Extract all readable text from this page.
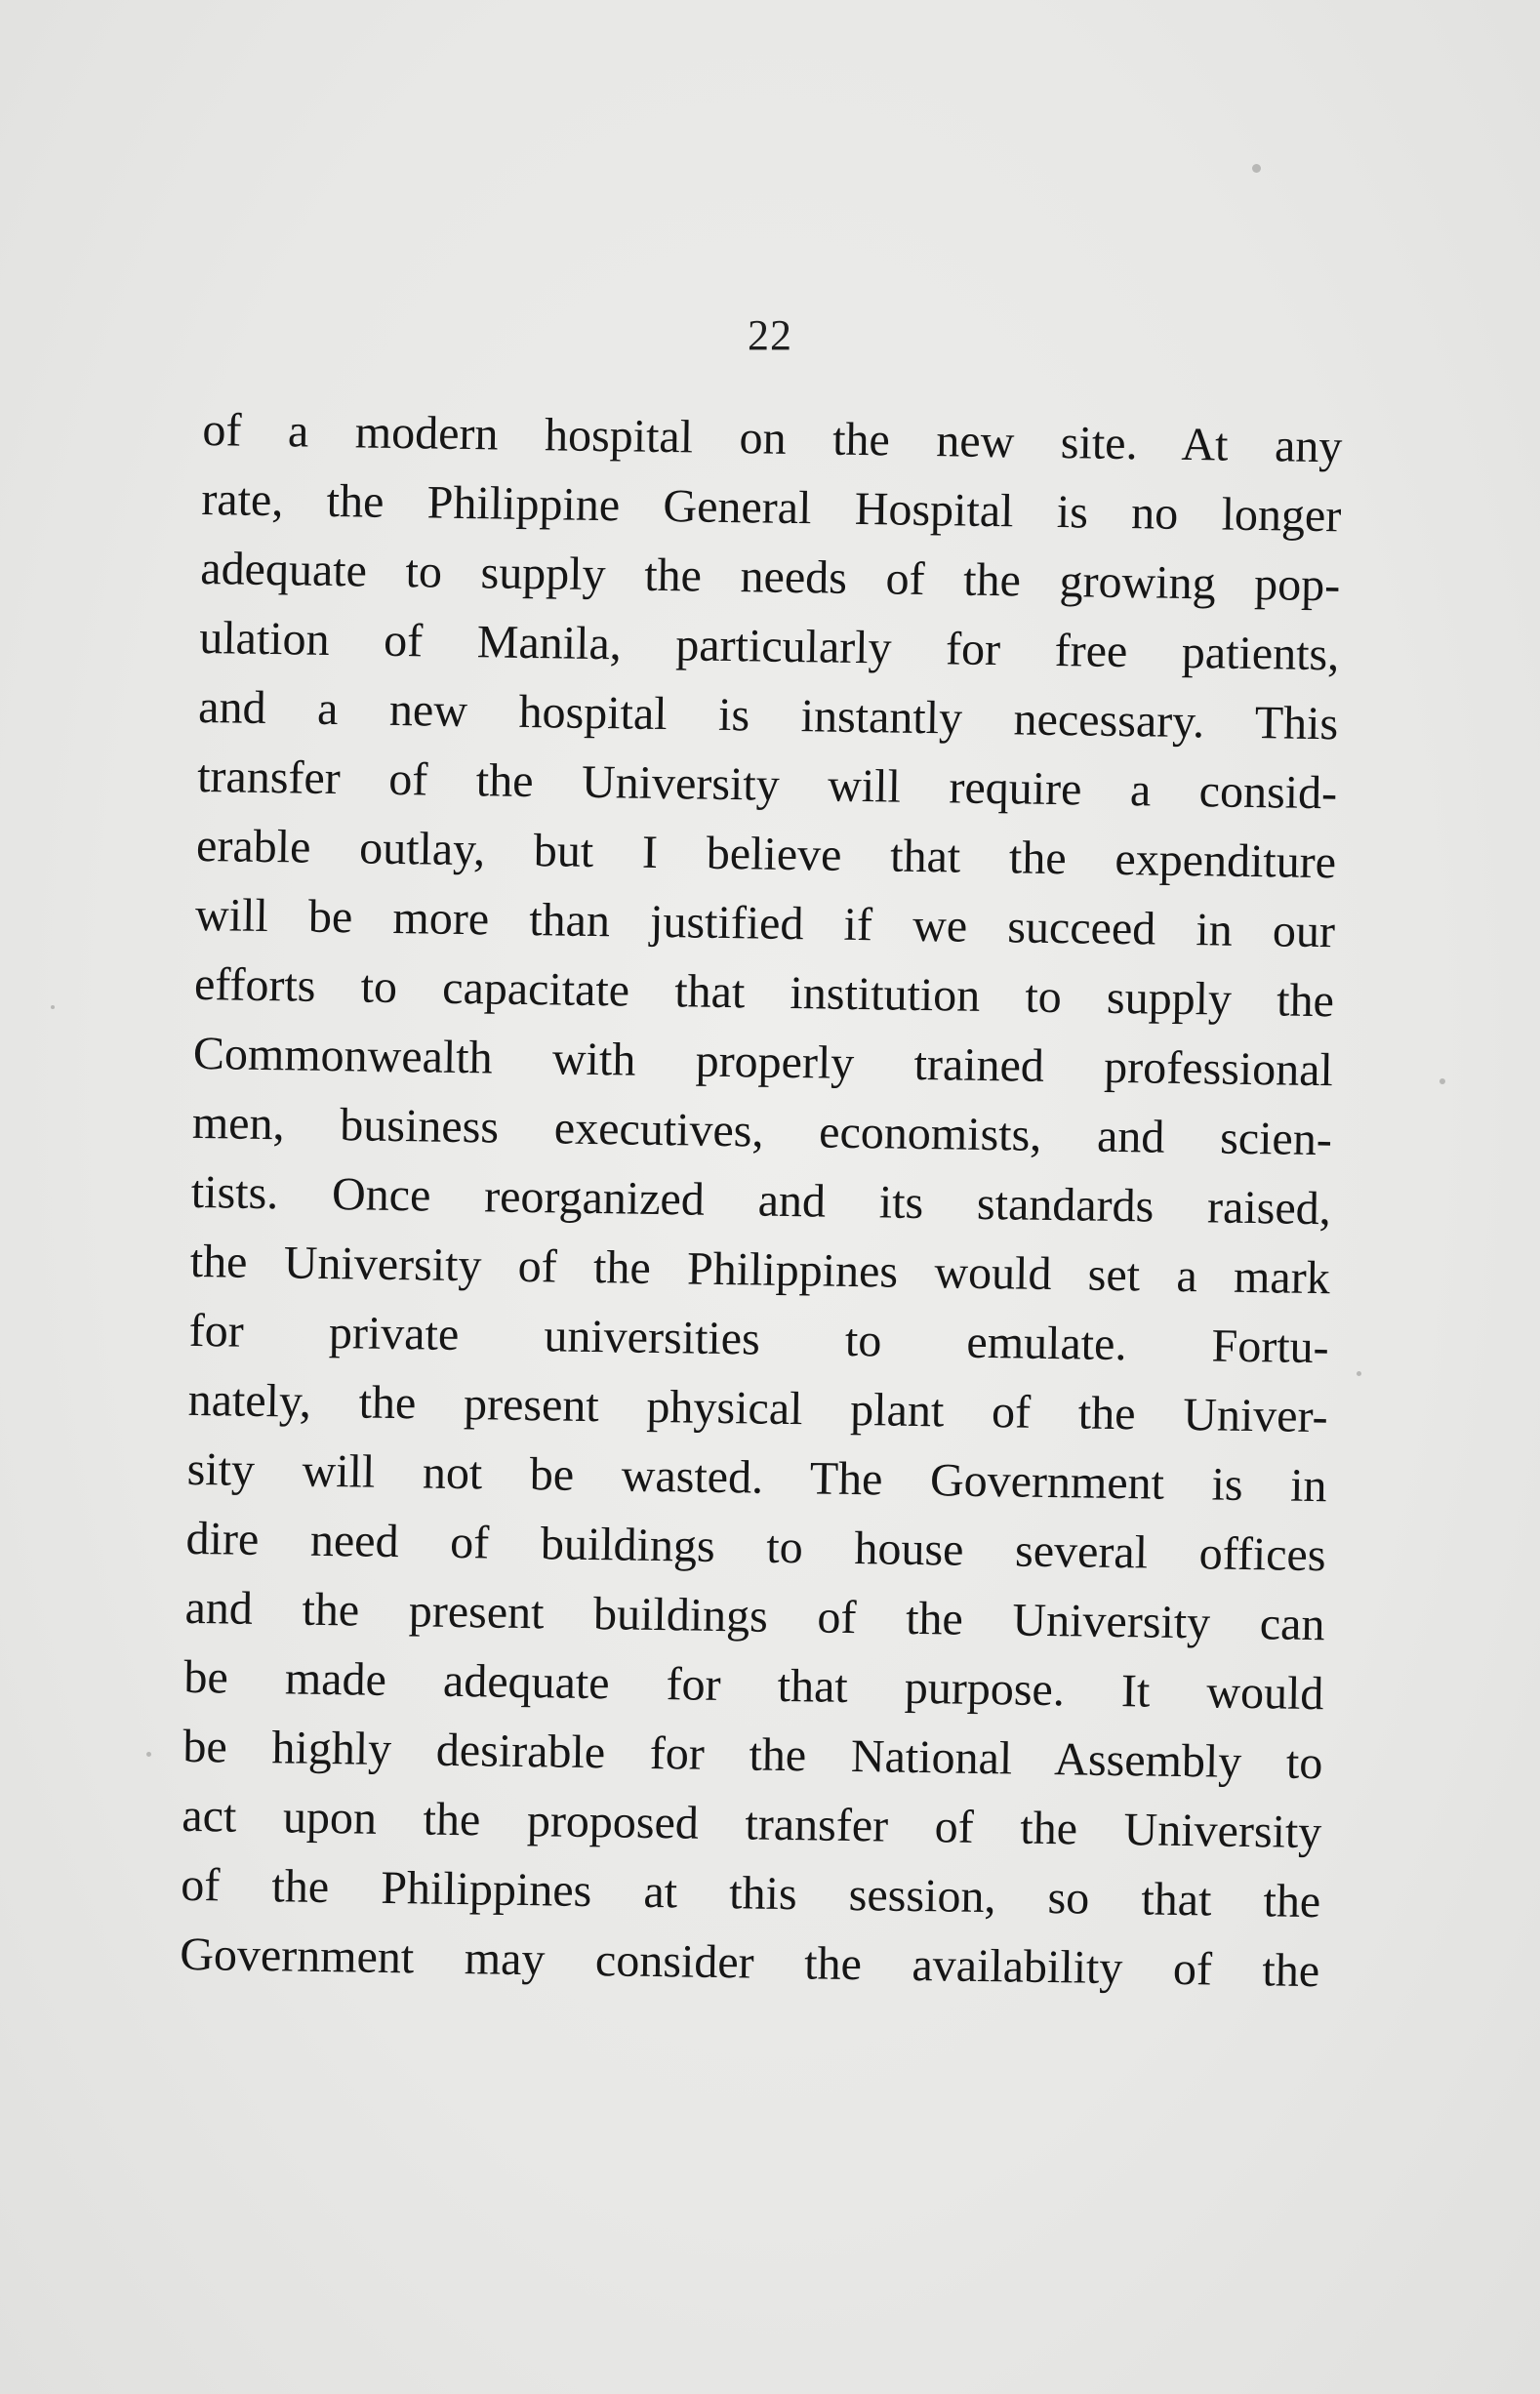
22
of a modern hospital on the new site. At any
rate, the Philippine General Hospital is no longer
adequate to supply the needs of the growing pop-
ulation of Manila, particularly for free patients,
and a new hospital is instantly necessary. This
transfer of the University will require a consid-
erable outlay, but I believe that the expenditure
will be more than justified if we succeed in our
efforts to capacitate that institution to supply the
Commonwealth with properly trained professional
men, business executives, economists, and scien-
tists. Once reorganized and its standards raised,
the University of the Philippines would set a mark
for private universities to emulate. Fortu-
nately, the present physical plant of the Univer-
sity will not be wasted. The Government is in
dire need of buildings to house several offices
and the present buildings of the University can
be made adequate for that purpose. It would
be highly desirable for the National Assembly to
act upon the proposed transfer of the University
of the Philippines at this session, so that the
Government may consider the availability of the
